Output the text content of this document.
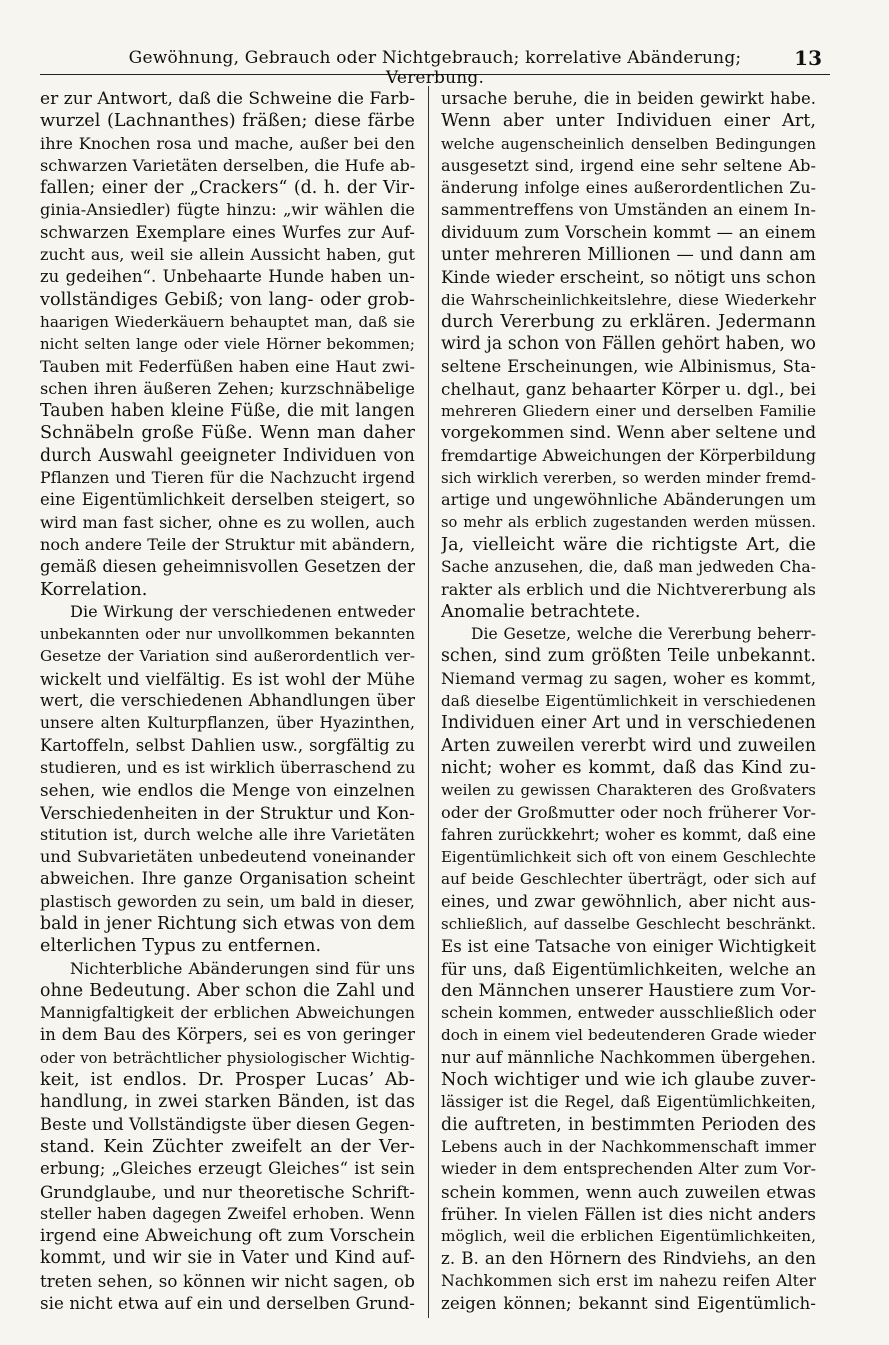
Gewöhnung, Gebrauch oder Nichtgebrauch; korrelative Abänderung; Vererbung.
13
er zur Antwort, daß die Schweine die Farb-
wurzel (Lachnanthes) fräßen; diese färbe
ihre Knochen rosa und mache, außer bei den
schwarzen Varietäten derselben, die Hufe ab-
fallen; einer der „Crackers“ (d. h. der Vir-
ginia-Ansiedler) fügte hinzu: „wir wählen die
schwarzen Exemplare eines Wurfes zur Auf-
zucht aus, weil sie allein Aussicht haben, gut
zu gedeihen“. Unbehaarte Hunde haben un-
vollständiges Gebiß; von lang- oder grob-
haarigen Wiederkäuern behauptet man, daß sie
nicht selten lange oder viele Hörner bekommen;
Tauben mit Federfüßen haben eine Haut zwi-
schen ihren äußeren Zehen; kurzschnäbelige
Tauben haben kleine Füße, die mit langen
Schnäbeln große Füße. Wenn man daher
durch Auswahl geeigneter Individuen von
Pflanzen und Tieren für die Nachzucht irgend
eine Eigentümlichkeit derselben steigert, so
wird man fast sicher, ohne es zu wollen, auch
noch andere Teile der Struktur mit abändern,
gemäß diesen geheimnisvollen Gesetzen der
Korrelation.
Die Wirkung der verschiedenen entweder
unbekannten oder nur unvollkommen bekannten
Gesetze der Variation sind außerordentlich ver-
wickelt und vielfältig. Es ist wohl der Mühe
wert, die verschiedenen Abhandlungen über
unsere alten Kulturpflanzen, über Hyazinthen,
Kartoffeln, selbst Dahlien usw., sorgfältig zu
studieren, und es ist wirklich überraschend zu
sehen, wie endlos die Menge von einzelnen
Verschiedenheiten in der Struktur und Kon-
stitution ist, durch welche alle ihre Varietäten
und Subvarietäten unbedeutend voneinander
abweichen. Ihre ganze Organisation scheint
plastisch geworden zu sein, um bald in dieser,
bald in jener Richtung sich etwas von dem
elterlichen Typus zu entfernen.
Nichterbliche Abänderungen sind für uns
ohne Bedeutung. Aber schon die Zahl und
Mannigfaltigkeit der erblichen Abweichungen
in dem Bau des Körpers, sei es von geringer
oder von beträchtlicher physiologischer Wichtig-
keit, ist endlos. Dr. Prosper Lucas’ Ab-
handlung, in zwei starken Bänden, ist das
Beste und Vollständigste über diesen Gegen-
stand. Kein Züchter zweifelt an der Ver-
erbung; „Gleiches erzeugt Gleiches“ ist sein
Grundglaube, und nur theoretische Schrift-
steller haben dagegen Zweifel erhoben. Wenn
irgend eine Abweichung oft zum Vorschein
kommt, und wir sie in Vater und Kind auf-
treten sehen, so können wir nicht sagen, ob
sie nicht etwa auf ein und derselben Grund-
ursache beruhe, die in beiden gewirkt habe.
Wenn aber unter Individuen einer Art,
welche augenscheinlich denselben Bedingungen
ausgesetzt sind, irgend eine sehr seltene Ab-
änderung infolge eines außerordentlichen Zu-
sammentreffens von Umständen an einem In-
dividuum zum Vorschein kommt — an einem
unter mehreren Millionen — und dann am
Kinde wieder erscheint, so nötigt uns schon
die Wahrscheinlichkeitslehre, diese Wiederkehr
durch Vererbung zu erklären. Jedermann
wird ja schon von Fällen gehört haben, wo
seltene Erscheinungen, wie Albinismus, Sta-
chelhaut, ganz behaarter Körper u. dgl., bei
mehreren Gliedern einer und derselben Familie
vorgekommen sind. Wenn aber seltene und
fremdartige Abweichungen der Körperbildung
sich wirklich vererben, so werden minder fremd-
artige und ungewöhnliche Abänderungen um
so mehr als erblich zugestanden werden müssen.
Ja, vielleicht wäre die richtigste Art, die
Sache anzusehen, die, daß man jedweden Cha-
rakter als erblich und die Nichtvererbung als
Anomalie betrachtete.
Die Gesetze, welche die Vererbung beherr-
schen, sind zum größten Teile unbekannt.
Niemand vermag zu sagen, woher es kommt,
daß dieselbe Eigentümlichkeit in verschiedenen
Individuen einer Art und in verschiedenen
Arten zuweilen vererbt wird und zuweilen
nicht; woher es kommt, daß das Kind zu-
weilen zu gewissen Charakteren des Großvaters
oder der Großmutter oder noch früherer Vor-
fahren zurückkehrt; woher es kommt, daß eine
Eigentümlichkeit sich oft von einem Geschlechte
auf beide Geschlechter überträgt, oder sich auf
eines, und zwar gewöhnlich, aber nicht aus-
schließlich, auf dasselbe Geschlecht beschränkt.
Es ist eine Tatsache von einiger Wichtigkeit
für uns, daß Eigentümlichkeiten, welche an
den Männchen unserer Haustiere zum Vor-
schein kommen, entweder ausschließlich oder
doch in einem viel bedeutenderen Grade wieder
nur auf männliche Nachkommen übergehen.
Noch wichtiger und wie ich glaube zuver-
lässiger ist die Regel, daß Eigentümlichkeiten,
die auftreten, in bestimmten Perioden des
Lebens auch in der Nachkommenschaft immer
wieder in dem entsprechenden Alter zum Vor-
schein kommen, wenn auch zuweilen etwas
früher. In vielen Fällen ist dies nicht anders
möglich, weil die erblichen Eigentümlichkeiten,
z. B. an den Hörnern des Rindviehs, an den
Nachkommen sich erst im nahezu reifen Alter
zeigen können; bekannt sind Eigentümlich-
